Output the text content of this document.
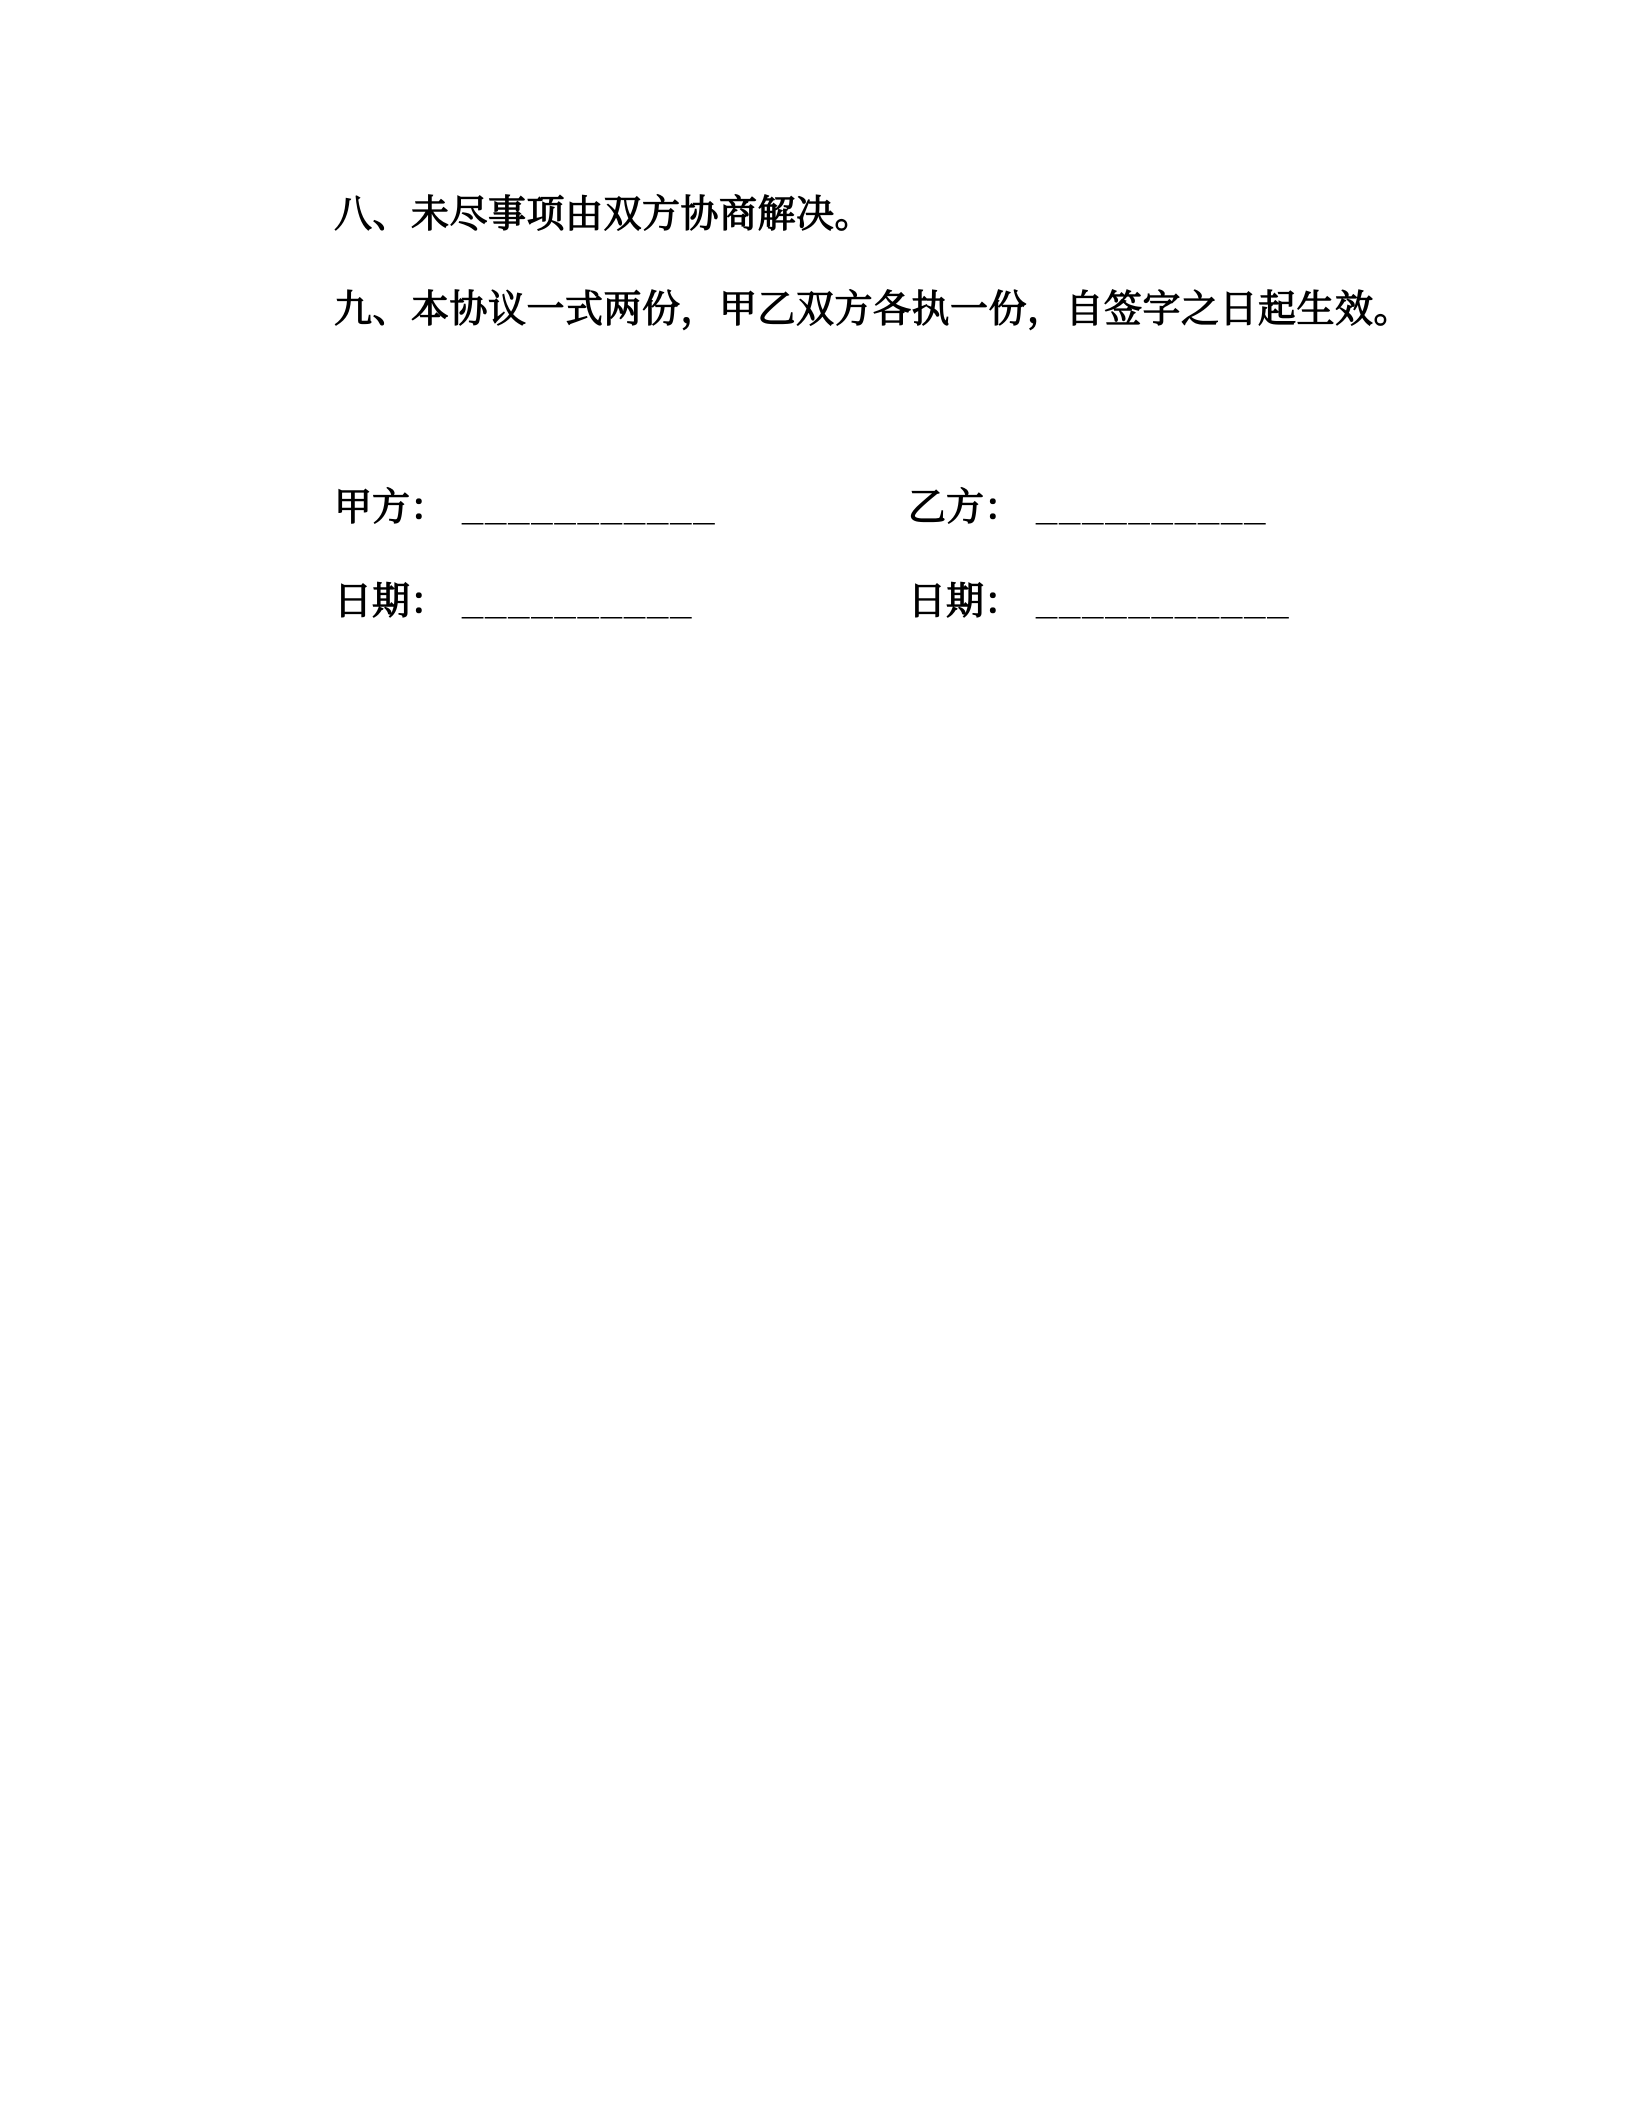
八、未尽事项由双方协商解决。

九、本协议一式两份，甲乙双方各执一份，自签字之日起生效。

甲方： ___________	乙方： __________
日期： __________	日期： ___________
